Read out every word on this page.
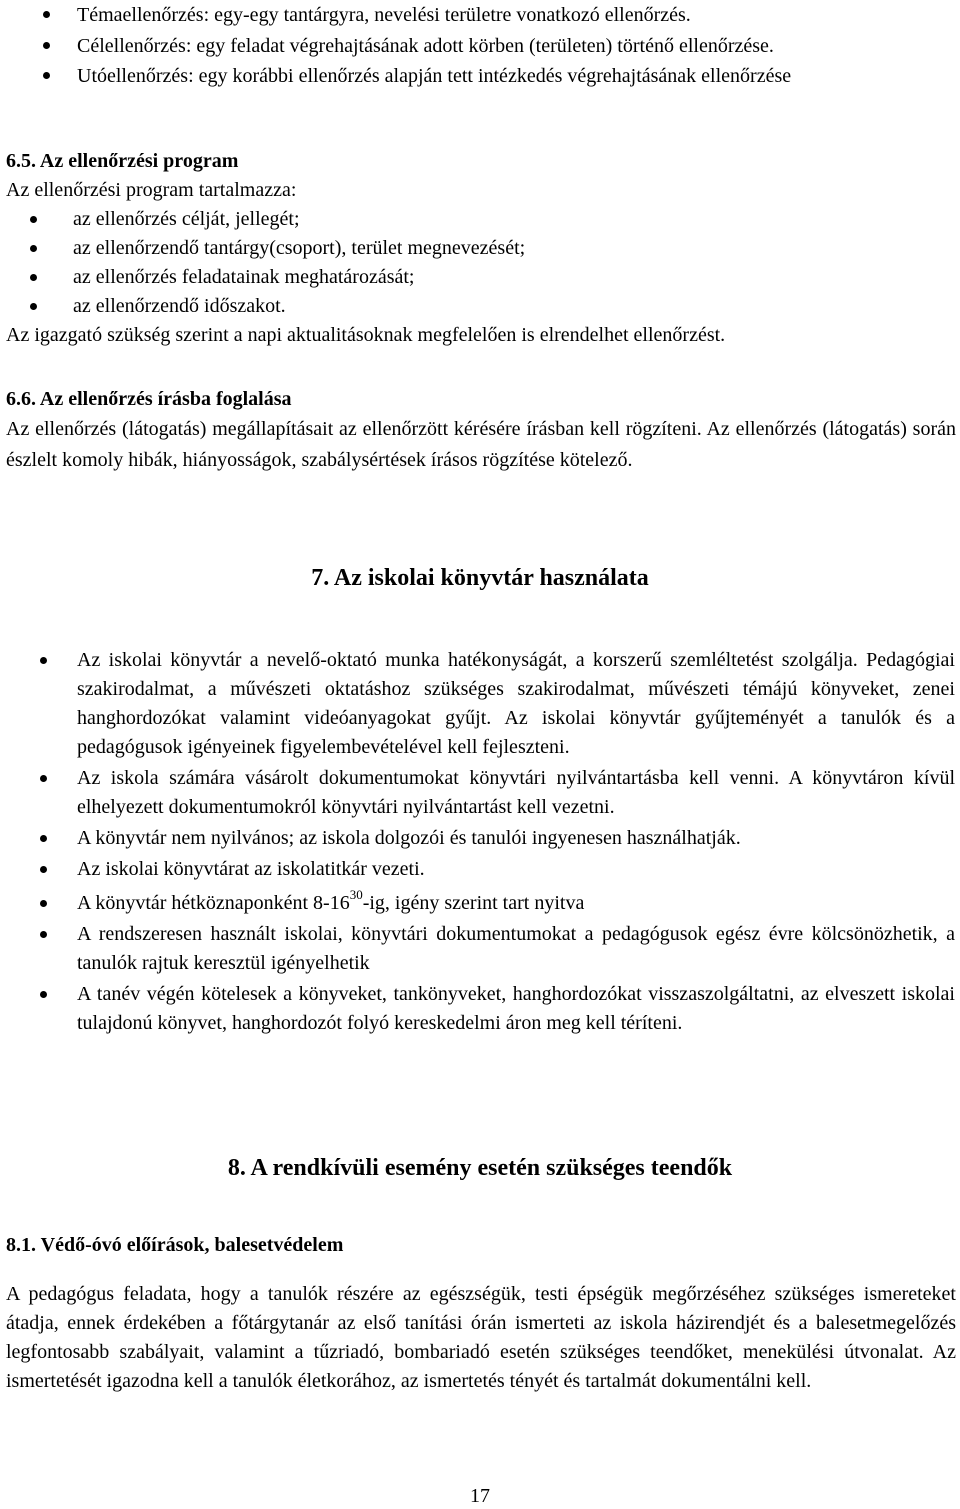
Témaellenőrzés: egy-egy tantárgyra, nevelési területre vonatkozó ellenőrzés.
Célellenőrzés: egy feladat végrehajtásának adott körben (területen) történő ellenőrzése.
Utóellenőrzés: egy korábbi ellenőrzés alapján tett intézkedés végrehajtásának ellenőrzése
6.5. Az ellenőrzési program

Az ellenőrzési program tartalmazza:

az ellenőrzés célját, jellegét;
az ellenőrzendő tantárgy(csoport), terület megnevezését;
az ellenőrzés feladatainak meghatározását;
az ellenőrzendő időszakot.

Az igazgató szükség szerint a napi aktualitásoknak megfelelően is elrendelhet ellenőrzést.

6.6. Az ellenőrzés írásba foglalása

Az ellenőrzés (látogatás) megállapításait az ellenőrzött kérésére írásban kell rögzíteni. Az ellenőrzés (látogatás) során észlelt komoly hibák, hiányosságok, szabálysértések írásos rögzítése kötelező.

7. Az iskolai könyvtár használata
Az iskolai könyvtár a nevelő-oktató munka hatékonyságát, a korszerű szemléltetést szolgálja. Pedagógiai szakirodalmat, a művészeti oktatáshoz szükséges szakirodalmat, művészeti témájú könyveket, zenei hanghordozókat valamint videóanyagokat gyűjt. Az iskolai könyvtár gyűjteményét a tanulók és a pedagógusok igényeinek figyelembevételével kell fejleszteni.
Az iskola számára vásárolt dokumentumokat könyvtári nyilvántartásba kell venni. A könyvtáron kívül elhelyezett dokumentumokról könyvtári nyilvántartást kell vezetni.
A könyvtár nem nyilvános; az iskola dolgozói és tanulói ingyenesen használhatják.
Az iskolai könyvtárat az iskolatitkár vezeti.
A könyvtár hétköznaponként $8-16^{30}-ig$, igény szerint tart nyitva
A rendszeresen használt iskolai, könyvtári dokumentumokat a pedagógusok egész évre kölcsönözhetik, a tanulók rajtuk keresztül igényelhetik
A tanév végén kötelesek a könyveket, tankönyveket, hanghordozókat visszaszolgáltatni, az elveszett iskolai tulajdonú könyvet, hanghordozót folyó kereskedelmi áron meg kell téríteni.
8. A rendkívüli esemény esetén szükséges teendők
8.1. Védő-óvó előírások, balesetvédelem

A pedagógus feladata, hogy a tanulók részére az egészségük, testi épségük megőrzéséhez szükséges ismereteket átadja, ennek érdekében a főtárgytanár az első tanítási órán ismerteti az iskola házirendjét és a balesetmegelőzés legfontosabb szabályait, valamint a tűzriadó, bombariadó esetén szükséges teendőket, menekülési útvonalat. Az ismertetését igazodna kell a tanulók életkorához, az ismertetés tényét és tartalmát dokumentálni kell.

17
